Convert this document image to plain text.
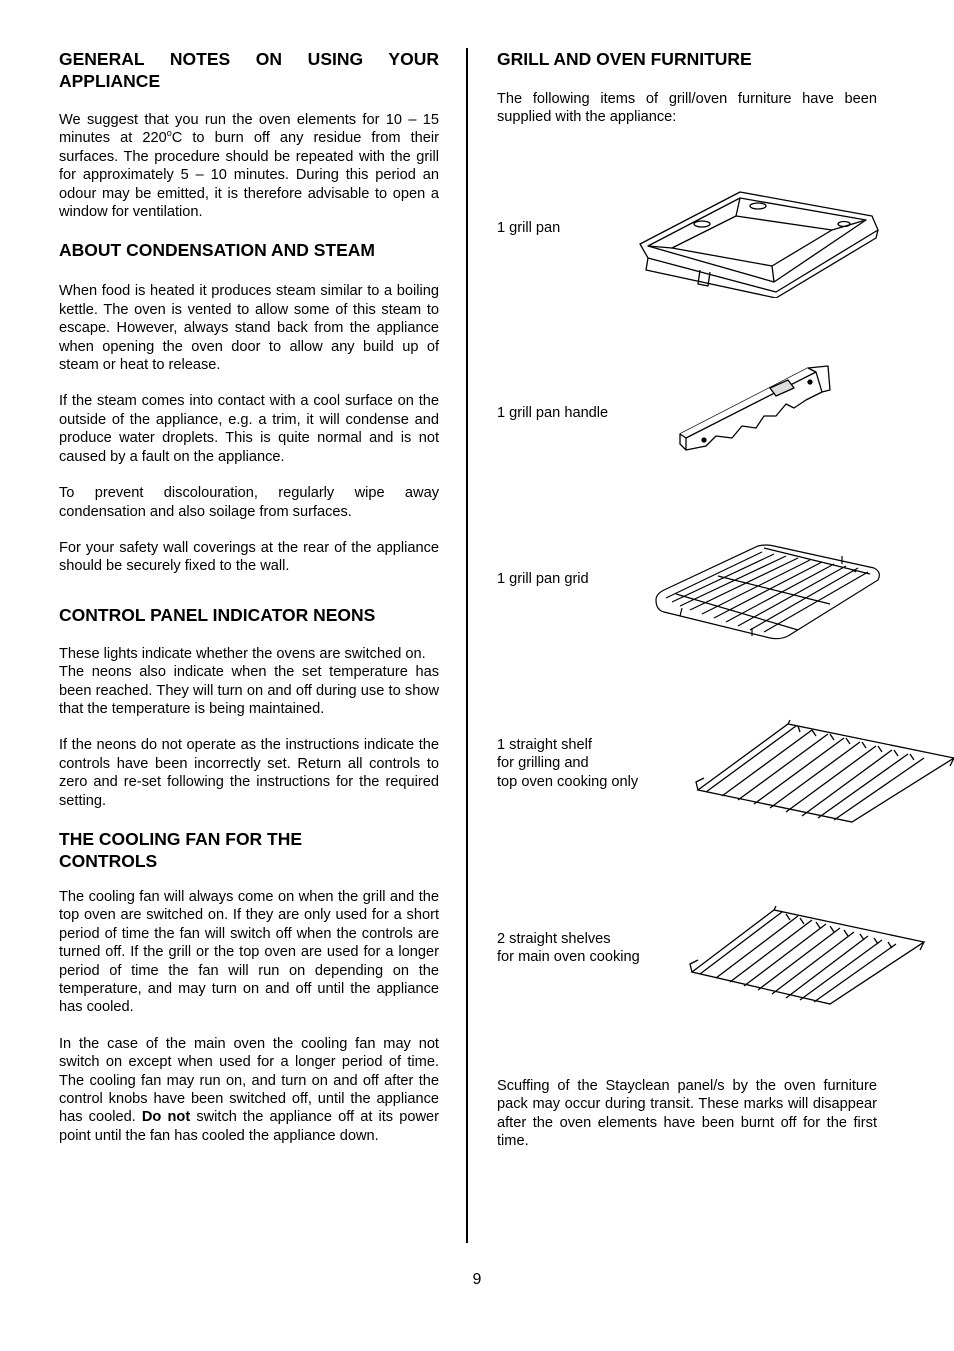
GENERAL NOTES ON USING YOUR APPLIANCE

We suggest that you run the oven elements for 10 – 15 minutes at 220$^o$C to burn off any residue from their surfaces. The procedure should be repeated with the grill for approximately 5 – 10 minutes. During this period an odour may be emitted, it is therefore advisable to open a window for ventilation.

ABOUT CONDENSATION AND STEAM

When food is heated it produces steam similar to a boiling kettle. The oven is vented to allow some of this steam to escape. However, always stand back from the appliance when opening the oven door to allow any build up of steam or heat to release.

If the steam comes into contact with a cool surface on the outside of the appliance, e.g. a trim, it will condense and produce water droplets. This is quite normal and is not caused by a fault on the appliance.

To prevent discolouration, regularly wipe away condensation and also soilage from surfaces.

For your safety wall coverings at the rear of the appliance should be securely fixed to the wall.

CONTROL PANEL INDICATOR NEONS

These lights indicate whether the ovens are switched on.

The neons also indicate when the set temperature has been reached. They will turn on and off during use to show that the temperature is being maintained.

If the neons do not operate as the instructions indicate the controls have been incorrectly set. Return all controls to zero and re-set following the instructions for the required setting.

THE COOLING FAN FOR THE
CONTROLS

The cooling fan will always come on when the grill and the top oven are switched on. If they are only used for a short period of time the fan will switch off when the controls are turned off. If the grill or the top oven are used for a longer period of time the fan will run on depending on the temperature, and may turn on and off until the appliance has cooled.

In the case of the main oven the cooling fan may not switch on except when used for a longer period of time. The cooling fan may run on, and turn on and off after the control knobs have been switched off, until the appliance has cooled. Do not switch the appliance off at its power point until the fan has cooled the appliance down.

GRILL AND OVEN FURNITURE

The following items of grill/oven furniture have been supplied with the appliance:

1 grill pan
1 grill pan handle
1 grill pan grid
1 straight shelf
for grilling and
top oven cooking only
2 straight shelves
for main oven cooking

Scuffing of the Stayclean panel/s by the oven furniture pack may occur during transit. These marks will disappear after the oven elements have been burnt off for the first time.

9
